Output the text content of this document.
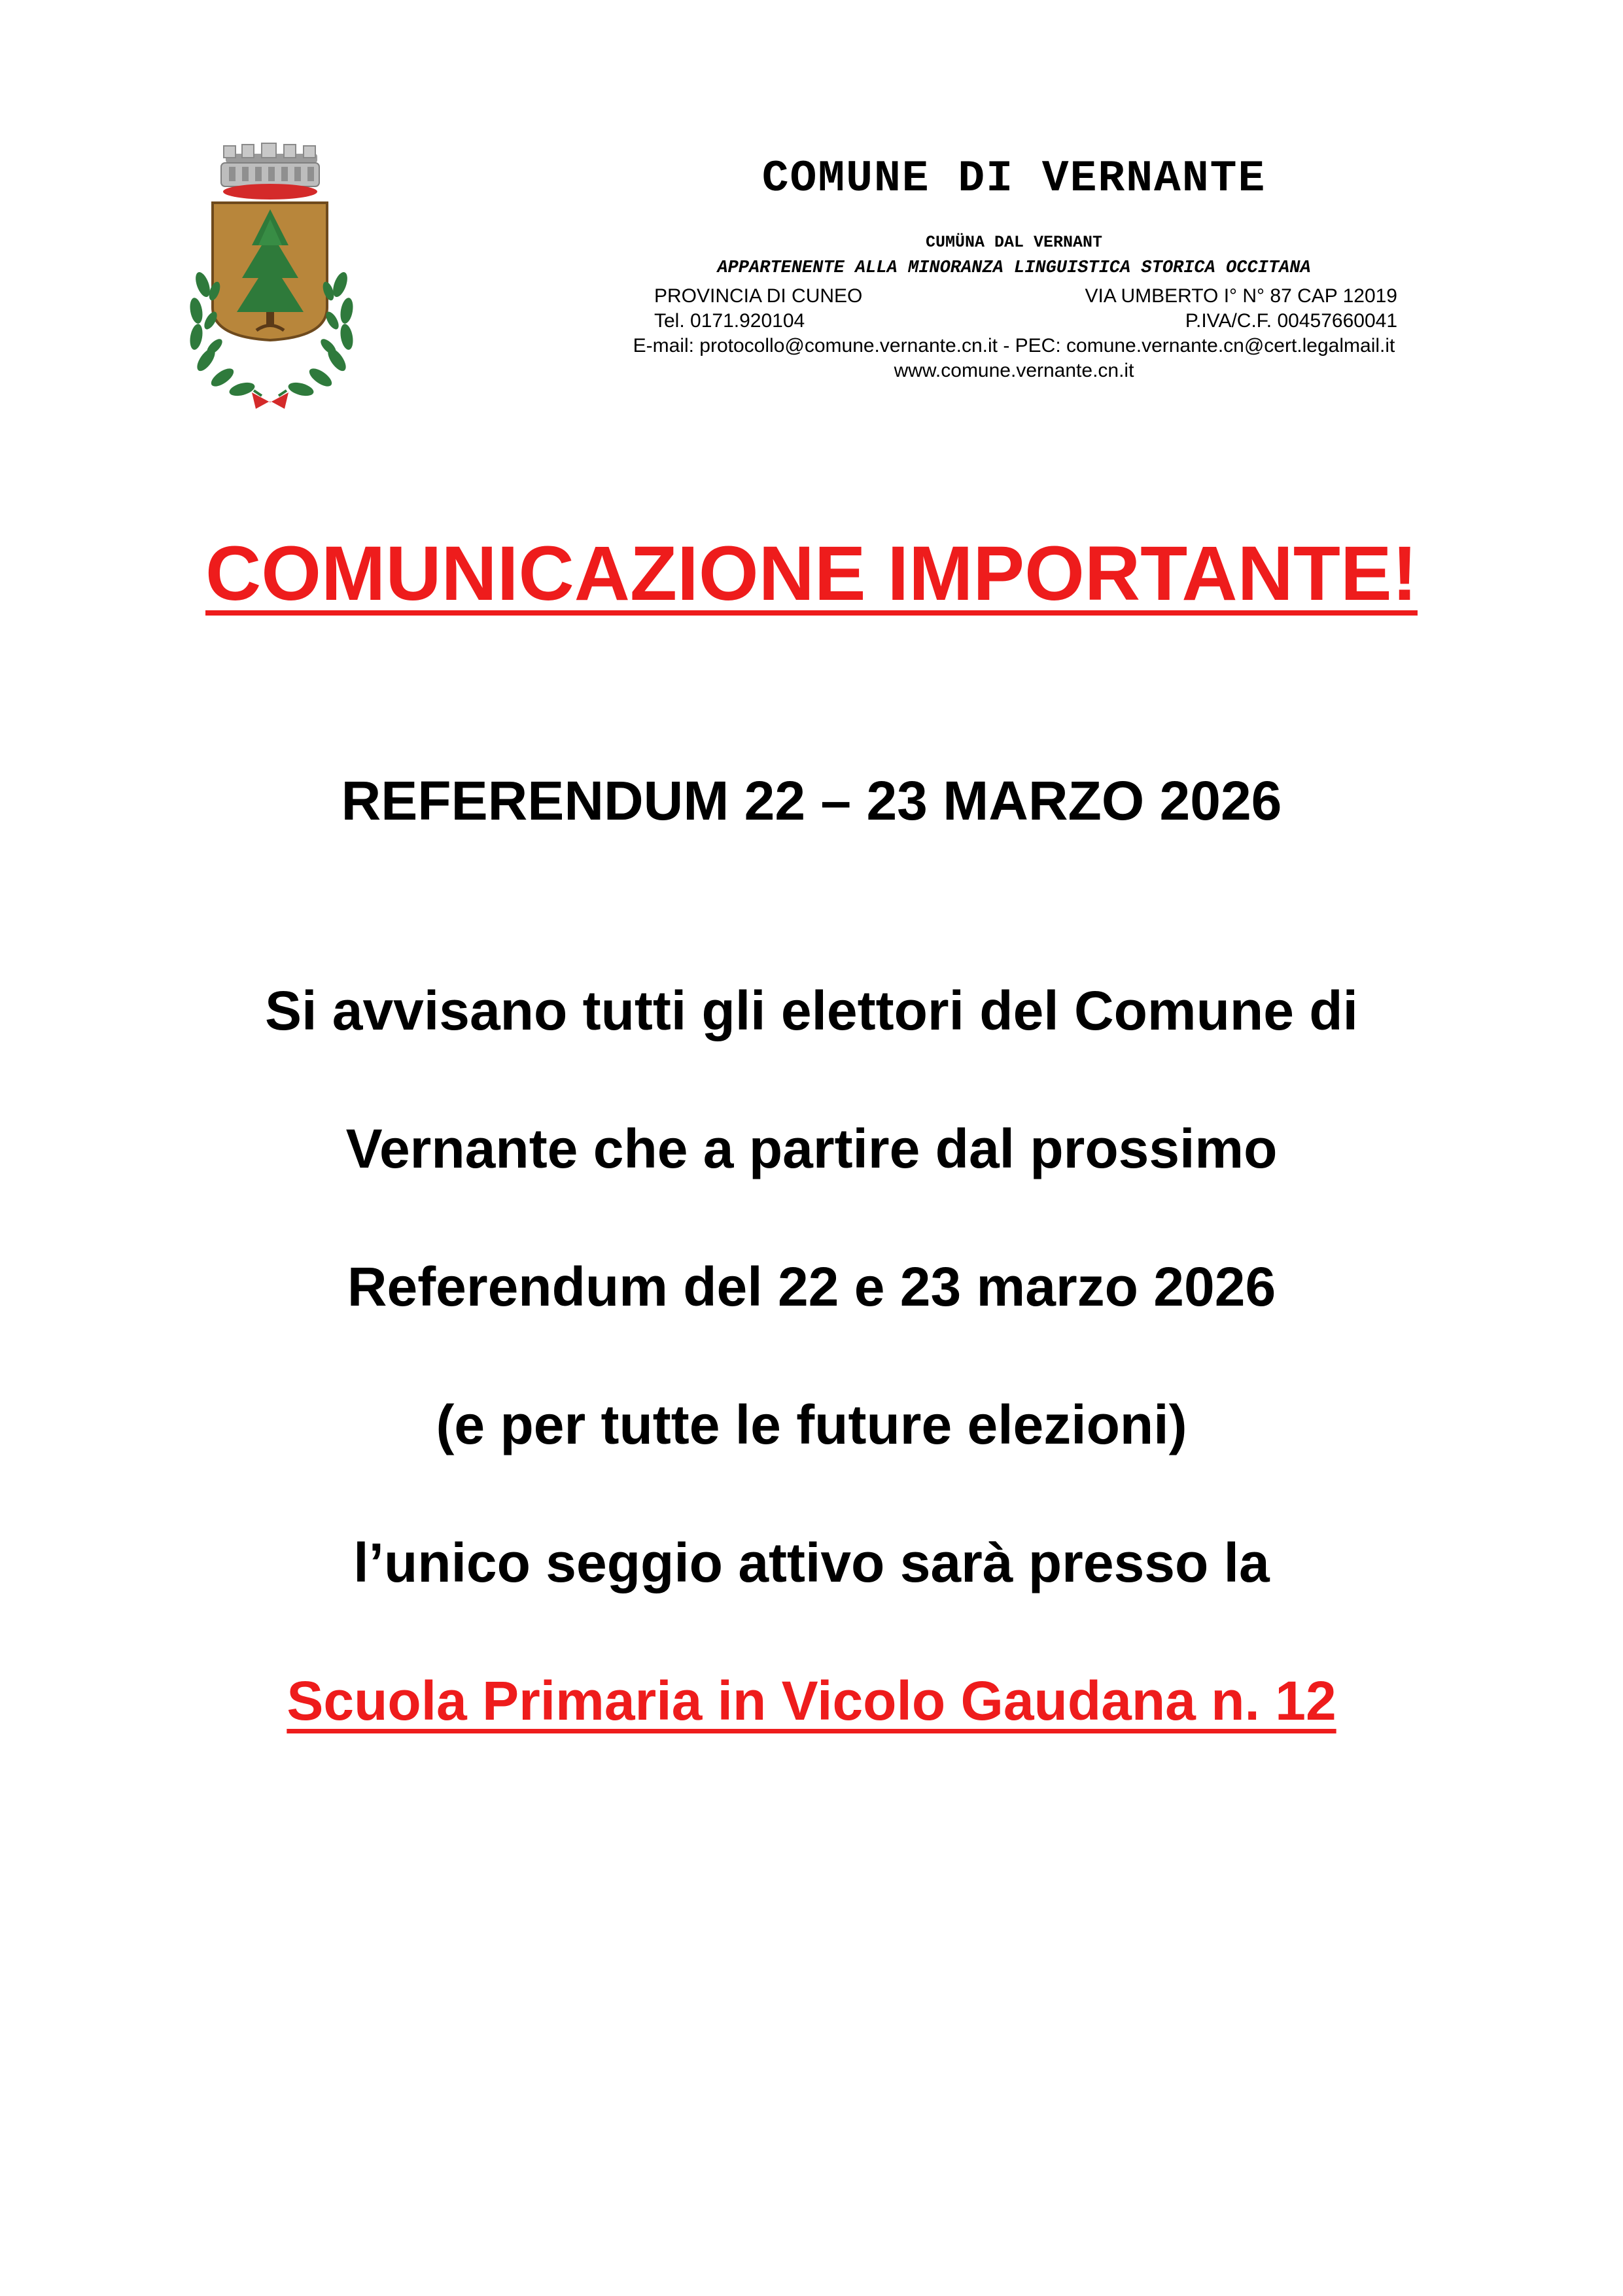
COMUNE DI VERNANTE
CUMÜNA DAL VERNANT
APPARTENENTE ALLA MINORANZA LINGUISTICA STORICA OCCITANA
PROVINCIA DI CUNEO	VIA UMBERTO I° N° 87 CAP 12019
Tel. 0171.920104	P.IVA/C.F. 00457660041
E-mail: protocollo@comune.vernante.cn.it - PEC: comune.vernante.cn@cert.legalmail.it
www.comune.vernante.cn.it
COMUNICAZIONE IMPORTANTE!
REFERENDUM 22 – 23 MARZO 2026
Si avvisano tutti gli elettori del Comune di
Vernante che a partire dal prossimo
Referendum del 22 e 23 marzo 2026
(e per tutte le future elezioni)
l’unico seggio attivo sarà presso la
Scuola Primaria in Vicolo Gaudana n. 12
